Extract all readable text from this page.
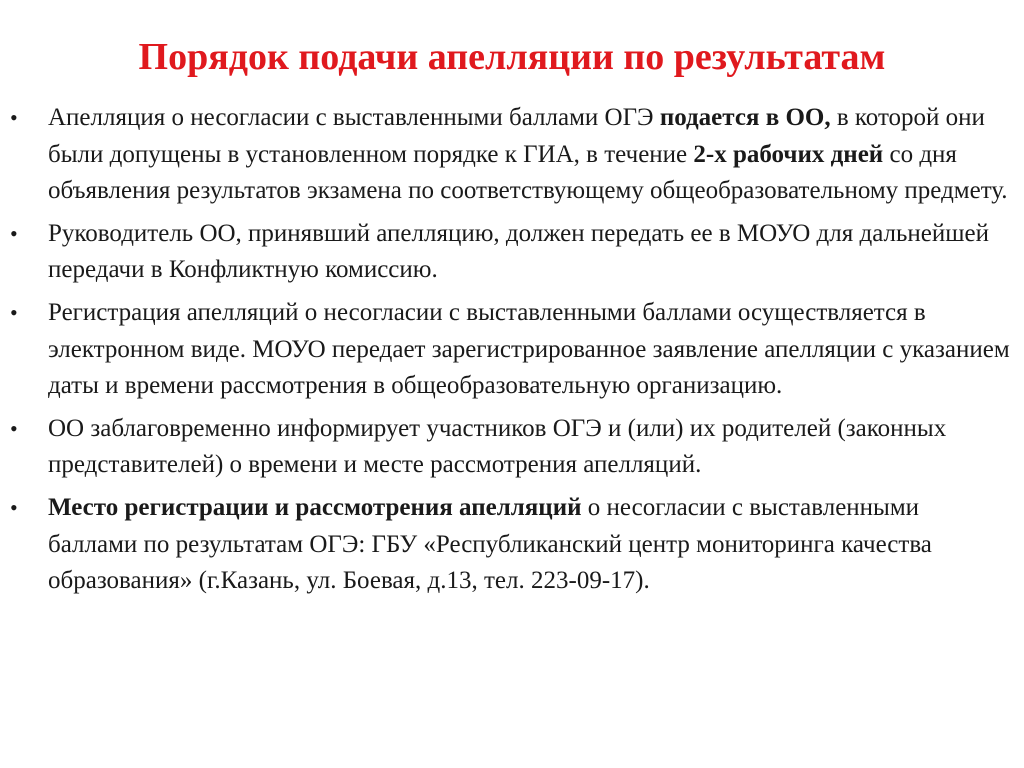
Порядок подачи апелляции по результатам
• Апелляция о несогласии с выставленными баллами ОГЭ подается в ОО, в которой они были допущены в установленном порядке к ГИА, в течение 2-х рабочих дней со дня объявления результатов экзамена по соответствующему общеобразовательному предмету.
• Руководитель ОО, принявший апелляцию, должен передать ее в МОУО для дальнейшей передачи в Конфликтную комиссию.
• Регистрация апелляций о несогласии с выставленными баллами осуществляется в электронном виде. МОУО передает зарегистрированное заявление апелляции с указанием даты и времени рассмотрения в общеобразовательную организацию.
• ОО заблаговременно информирует участников ОГЭ и (или) их родителей (законных представителей) о времени и месте рассмотрения апелляций.
• Место регистрации и рассмотрения апелляций о несогласии с выставленными баллами по результатам ОГЭ: ГБУ «Республиканский центр мониторинга качества образования» (г.Казань, ул. Боевая, д.13, тел. 223-09-17).
